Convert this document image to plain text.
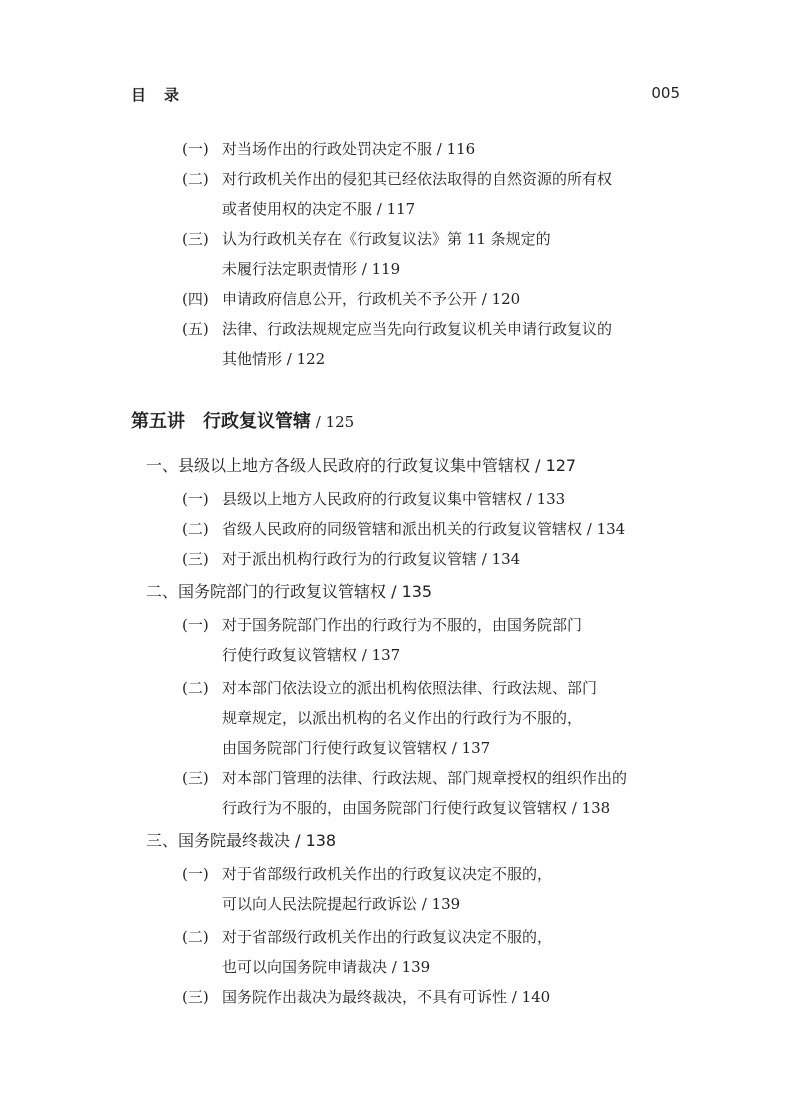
目录	005
(一) 对当场作出的行政处罚决定不服 / 116
(二) 对行政机关作出的侵犯其已经依法取得的自然资源的所有权
或者使用权的决定不服 / 117
(三) 认为行政机关存在《行政复议法》第 11 条规定的
未履行法定职责情形 / 119
(四) 申请政府信息公开，行政机关不予公开 / 120
(五) 法律、行政法规规定应当先向行政复议机关申请行政复议的
其他情形 / 122
第五讲　行政复议管辖 / 125
一、县级以上地方各级人民政府的行政复议集中管辖权 / 127
(一) 县级以上地方人民政府的行政复议集中管辖权 / 133
(二) 省级人民政府的同级管辖和派出机关的行政复议管辖权 / 134
(三) 对于派出机构行政行为的行政复议管辖 / 134
二、国务院部门的行政复议管辖权 / 135
(一) 对于国务院部门作出的行政行为不服的，由国务院部门
行使行政复议管辖权 / 137
(二) 对本部门依法设立的派出机构依照法律、行政法规、部门
规章规定，以派出机构的名义作出的行政行为不服的，
由国务院部门行使行政复议管辖权 / 137
(三) 对本部门管理的法律、行政法规、部门规章授权的组织作出的
行政行为不服的，由国务院部门行使行政复议管辖权 / 138
三、国务院最终裁决 / 138
(一) 对于省部级行政机关作出的行政复议决定不服的，
可以向人民法院提起行政诉讼 / 139
(二) 对于省部级行政机关作出的行政复议决定不服的，
也可以向国务院申请裁决 / 139
(三) 国务院作出裁决为最终裁决，不具有可诉性 / 140
